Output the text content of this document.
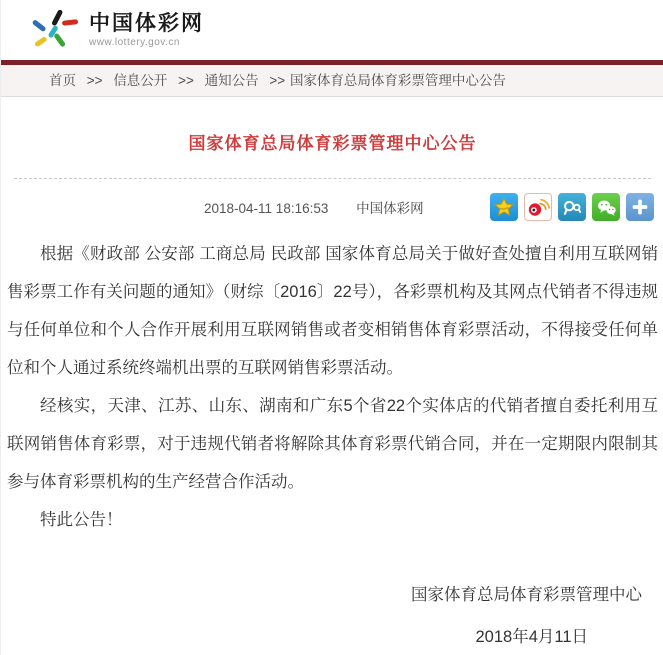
中国体彩网
www.lottery.gov.cn
首页 >> 信息公开 >> 通知公告 >> 国家体育总局体育彩票管理中心公告
国家体育总局体育彩票管理中心公告
2018-04-11 18:16:53 中国体彩网

根据《财政部 公安部 工商总局 民政部 国家体育总局关于做好查处擅自利用互联网销售彩票工作有关问题的通知》（财综〔2016〕22号），各彩票机构及其网点代销者不得违规与任何单位和个人合作开展利用互联网销售或者变相销售体育彩票活动，不得接受任何单位和个人通过系统终端机出票的互联网销售彩票活动。

经核实，天津、江苏、山东、湖南和广东5个省22个实体店的代销者擅自委托利用互联网销售体育彩票，对于违规代销者将解除其体育彩票代销合同，并在一定期限内限制其参与体育彩票机构的生产经营合作活动。

特此公告！

国家体育总局体育彩票管理中心
2018年4月11日
